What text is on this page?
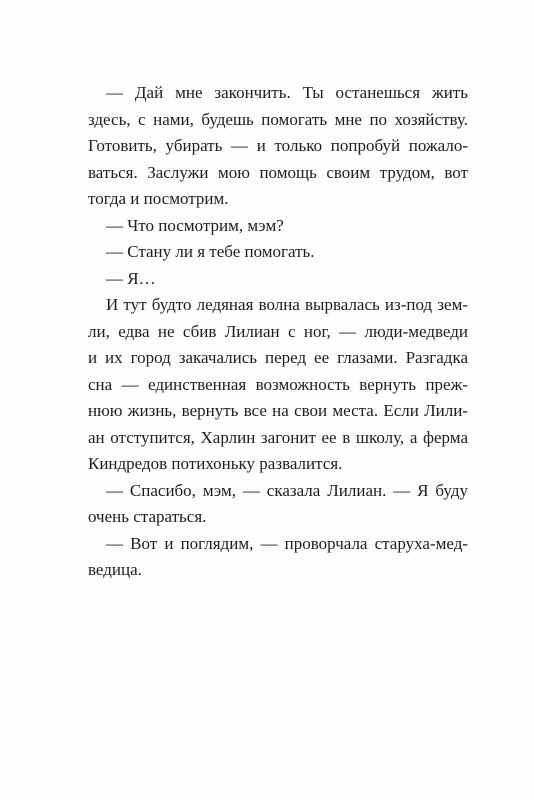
— Дай мне закончить. Ты останешься жить
здесь, с нами, будешь помогать мне по хозяйству.
Готовить, убирать — и только попробуй пожало-
ваться. Заслужи мою помощь своим трудом, вот
тогда и посмотрим.
— Что посмотрим, мэм?
— Стану ли я тебе помогать.
— Я…
И тут будто ледяная волна вырвалась из-под зем-
ли, едва не сбив Лилиан с ног, — люди-медведи
и их город закачались перед ее глазами. Разгадка
сна — единственная возможность вернуть преж-
нюю жизнь, вернуть все на свои места. Если Лили-
ан отступится, Харлин загонит ее в школу, а ферма
Киндредов потихоньку развалится.
— Спасибо, мэм, — сказала Лилиан. — Я буду
очень стараться.
— Вот и поглядим, — проворчала старуха-мед-
ведица.
